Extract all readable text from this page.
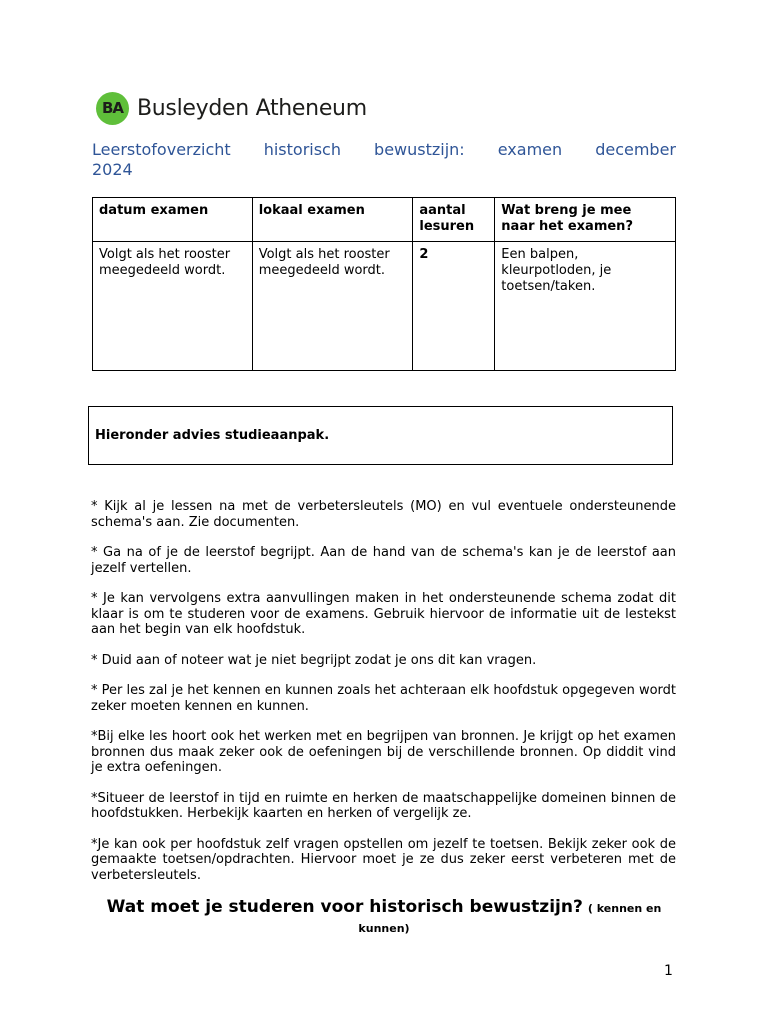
BA Busleyden Atheneum
Leerstofoverzicht historisch bewustzijn: examen december
2024
datum examen	lokaal examen	aantal lesuren	Wat breng je mee naar het examen?
Volgt als het rooster meegedeeld wordt.	Volgt als het rooster meegedeeld wordt.	2	Een balpen, kleurpotloden, je toetsen/taken.
Hieronder advies studieaanpak.

* Kijk al je lessen na met de verbetersleutels (MO) en vul eventuele ondersteunende schema's aan. Zie documenten.

* Ga na of je de leerstof begrijpt. Aan de hand van de schema's kan je de leerstof aan jezelf vertellen.

* Je kan vervolgens extra aanvullingen maken in het ondersteunende schema zodat dit klaar is om te studeren voor de examens. Gebruik hiervoor de informatie uit de lestekst aan het begin van elk hoofdstuk.

* Duid aan of noteer wat je niet begrijpt zodat je ons dit kan vragen.

* Per les zal je het kennen en kunnen zoals het achteraan elk hoofdstuk opgegeven wordt zeker moeten kennen en kunnen.

*Bij elke les hoort ook het werken met en begrijpen van bronnen. Je krijgt op het examen bronnen dus maak zeker ook de oefeningen bij de verschillende bronnen. Op diddit vind je extra oefeningen.

*Situeer de leerstof in tijd en ruimte en herken de maatschappelijke domeinen binnen de hoofdstukken. Herbekijk kaarten en herken of vergelijk ze.

*Je kan ook per hoofdstuk zelf vragen opstellen om jezelf te toetsen. Bekijk zeker ook de gemaakte toetsen/opdrachten. Hiervoor moet je ze dus zeker eerst verbeteren met de verbetersleutels.

Wat moet je studeren voor historisch bewustzijn? ( kennen en kunnen)
1
